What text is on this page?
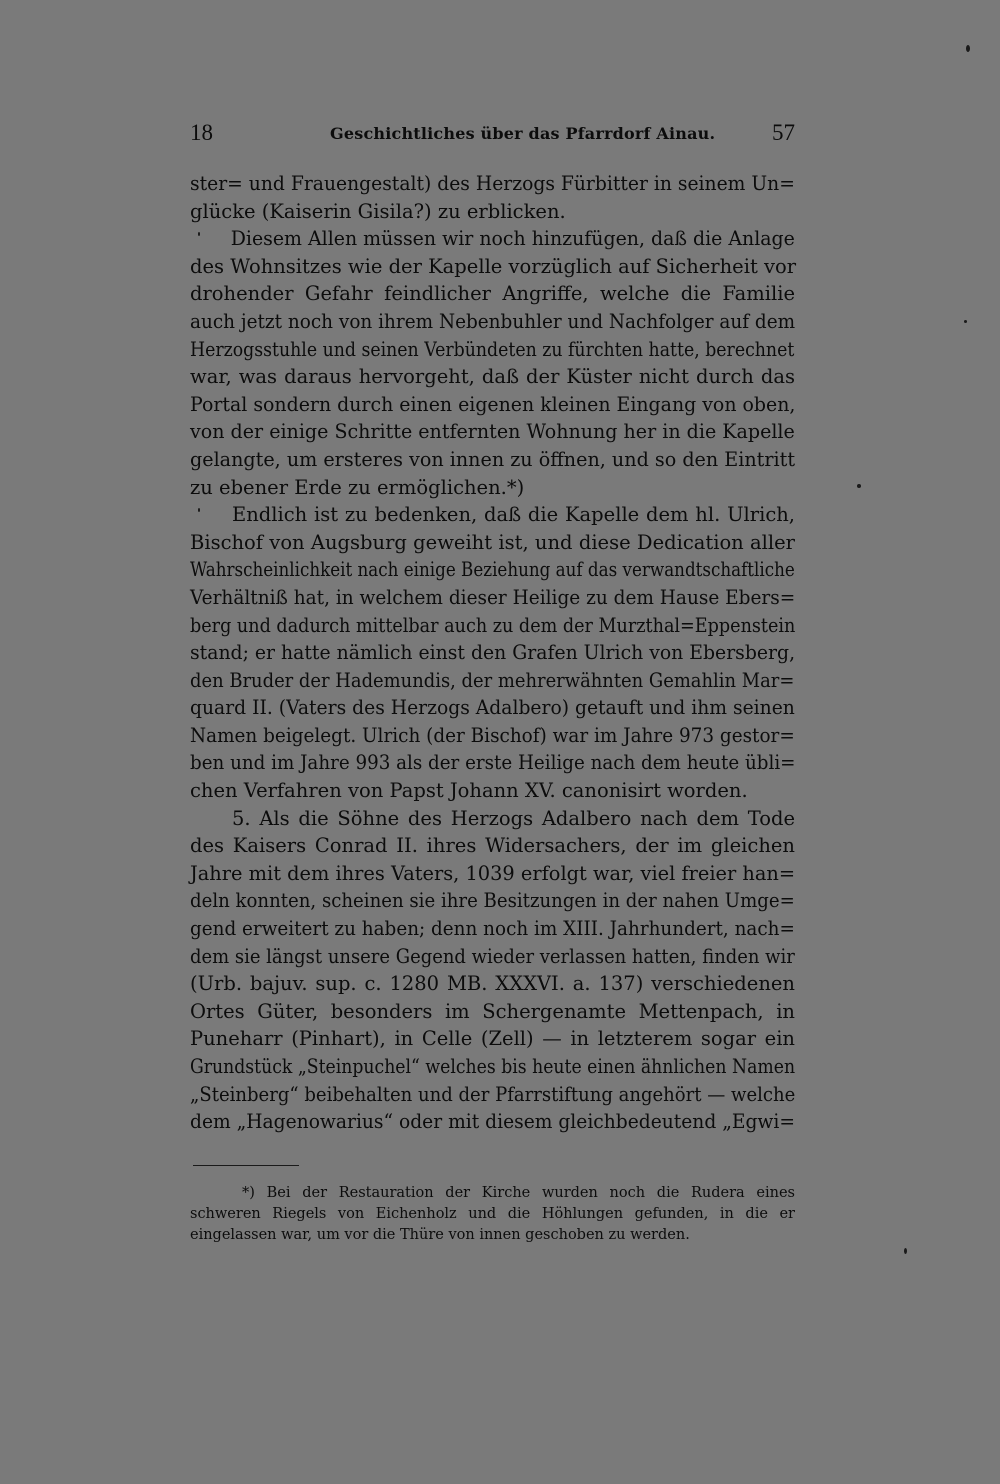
18	Geschichtliches über das Pfarrdorf Ainau. 57
ster= und Frauengestalt) des Herzogs Fürbitter in seinem Un=
glücke (Kaiserin Gisila?) zu erblicken.
Diesem Allen müssen wir noch hinzufügen, daß die Anlage
des Wohnsitzes wie der Kapelle vorzüglich auf Sicherheit vor
drohender Gefahr feindlicher Angriffe, welche die Familie
auch jetzt noch von ihrem Nebenbuhler und Nachfolger auf dem
Herzogsstuhle und seinen Verbündeten zu fürchten hatte, berechnet
war, was daraus hervorgeht, daß der Küster nicht durch das
Portal sondern durch einen eigenen kleinen Eingang von oben,
von der einige Schritte entfernten Wohnung her in die Kapelle
gelangte, um ersteres von innen zu öffnen, und so den Eintritt
zu ebener Erde zu ermöglichen.*)
Endlich ist zu bedenken, daß die Kapelle dem hl. Ulrich,
Bischof von Augsburg geweiht ist, und diese Dedication aller
Wahrscheinlichkeit nach einige Beziehung auf das verwandtschaftliche
Verhältniß hat, in welchem dieser Heilige zu dem Hause Ebers=
berg und dadurch mittelbar auch zu dem der Murzthal=Eppenstein
stand; er hatte nämlich einst den Grafen Ulrich von Ebersberg,
den Bruder der Hademundis, der mehrerwähnten Gemahlin Mar=
quard II. (Vaters des Herzogs Adalbero) getauft und ihm seinen
Namen beigelegt. Ulrich (der Bischof) war im Jahre 973 gestor=
ben und im Jahre 993 als der erste Heilige nach dem heute übli=
chen Verfahren von Papst Johann XV. canonisirt worden.
5. Als die Söhne des Herzogs Adalbero nach dem Tode
des Kaisers Conrad II. ihres Widersachers, der im gleichen
Jahre mit dem ihres Vaters, 1039 erfolgt war, viel freier han=
deln konnten, scheinen sie ihre Besitzungen in der nahen Umge=
gend erweitert zu haben; denn noch im XIII. Jahrhundert, nach=
dem sie längst unsere Gegend wieder verlassen hatten, finden wir
(Urb. bajuv. sup. c. 1280 MB. XXXVI. a. 137) verschiedenen
Ortes Güter, besonders im Schergenamte Mettenpach, in
Puneharr (Pinhart), in Celle (Zell) — in letzterem sogar ein
Grundstück „Steinpuchel“ welches bis heute einen ähnlichen Namen
„Steinberg“ beibehalten und der Pfarrstiftung angehört — welche
dem „Hagenowarius“ oder mit diesem gleichbedeutend „Egwi=
*) Bei der Restauration der Kirche wurden noch die Rudera eines
schweren Riegels von Eichenholz und die Höhlungen gefunden, in die er
eingelassen war, um vor die Thüre von innen geschoben zu werden.
